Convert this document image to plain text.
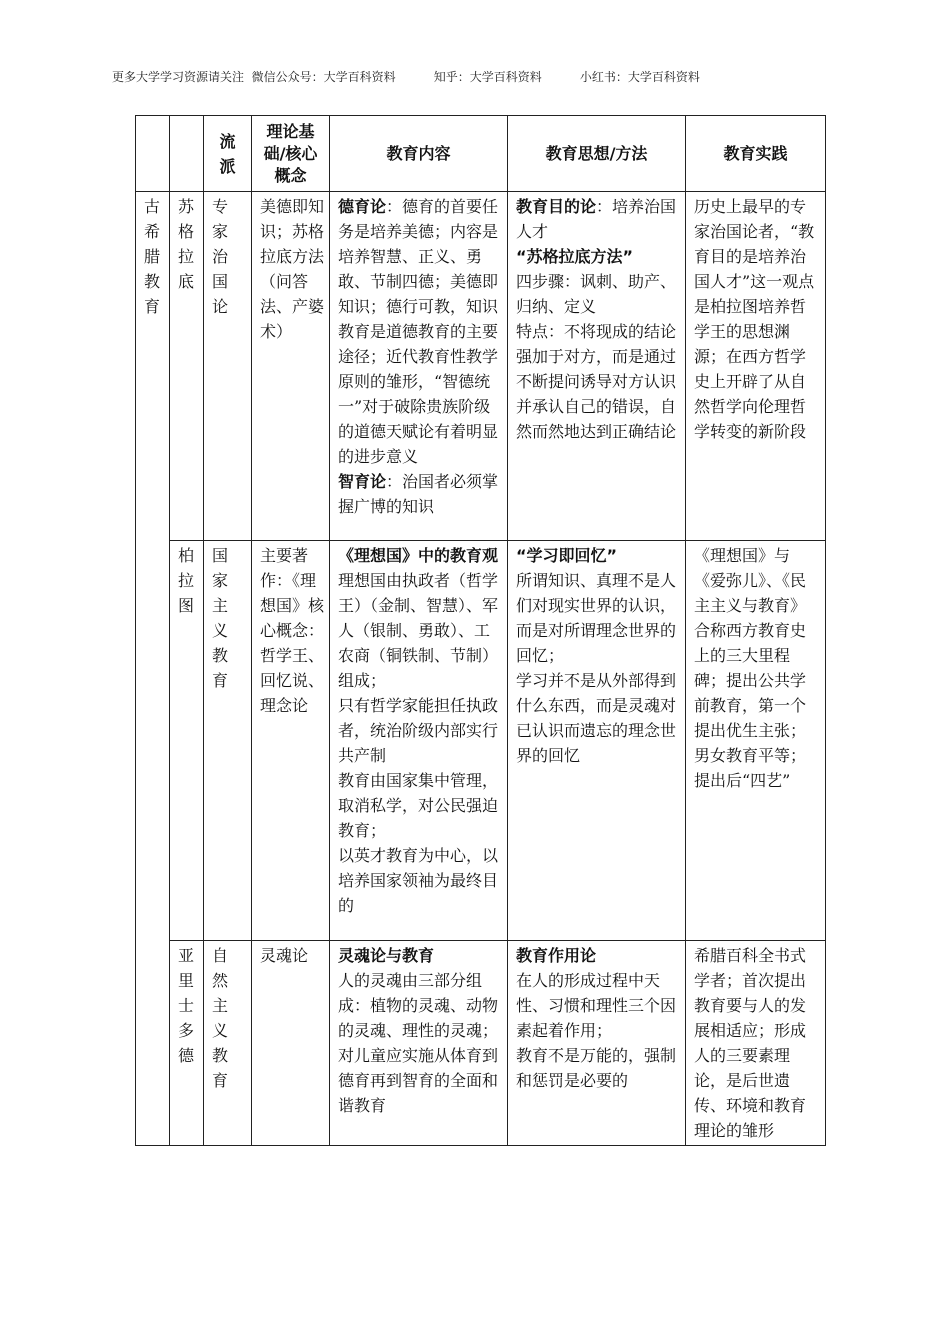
更多大学学习资源请关注  微信公众号：大学百科资料          知乎：大学百科资料          小红书：大学百科资料
		流派	理论基础/核心概念	教育内容	教育思想/方法	教育实践
古希腊教育	苏格拉底	专家治国论	美德即知识；苏格拉底方法（问答法、产婆术）	德育论：德育的首要任务是培养美德；内容是培养智慧、正义、勇敢、节制四德；美德即知识；德行可教，知识教育是道德教育的主要途径；近代教育性教学原则的雏形，“智德统一”对于破除贵族阶级的道德天赋论有着明显的进步意义
智育论：治国者必须掌握广博的知识	教育目的论：培养治国人才
“苏格拉底方法”
四步骤：讽刺、助产、归纳、定义
特点：不将现成的结论强加于对方，而是通过不断提问诱导对方认识并承认自己的错误，自然而然地达到正确结论	历史上最早的专家治国论者，“教育目的是培养治国人才”这一观点是柏拉图培养哲学王的思想渊源；在西方哲学史上开辟了从自然哲学向伦理哲学转变的新阶段
	柏拉图	国家主义教育	主要著作：《理想国》核心概念：哲学王、回忆说、理念论	《理想国》中的教育观
理想国由执政者（哲学王）（金制、智慧）、军人（银制、勇敢）、工农商（铜铁制、节制）组成；
只有哲学家能担任执政者，统治阶级内部实行共产制
教育由国家集中管理，取消私学，对公民强迫教育；
以英才教育为中心，以培养国家领袖为最终目的	“学习即回忆”
所谓知识、真理不是人们对现实世界的认识，而是对所谓理念世界的回忆；
学习并不是从外部得到什么东西，而是灵魂对已认识而遗忘的理念世界的回忆	《理想国》与《爱弥儿》、《民主主义与教育》合称西方教育史上的三大里程碑；提出公共学前教育，第一个提出优生主张；男女教育平等；提出后“四艺”
	亚里士多德	自然主义教育	灵魂论	灵魂论与教育
人的灵魂由三部分组成：植物的灵魂、动物的灵魂、理性的灵魂；
对儿童应实施从体育到德育再到智育的全面和谐教育	教育作用论
在人的形成过程中天性、习惯和理性三个因素起着作用；
教育不是万能的，强制和惩罚是必要的	希腊百科全书式学者；首次提出教育要与人的发展相适应；形成人的三要素理论，是后世遗传、环境和教育理论的雏形
